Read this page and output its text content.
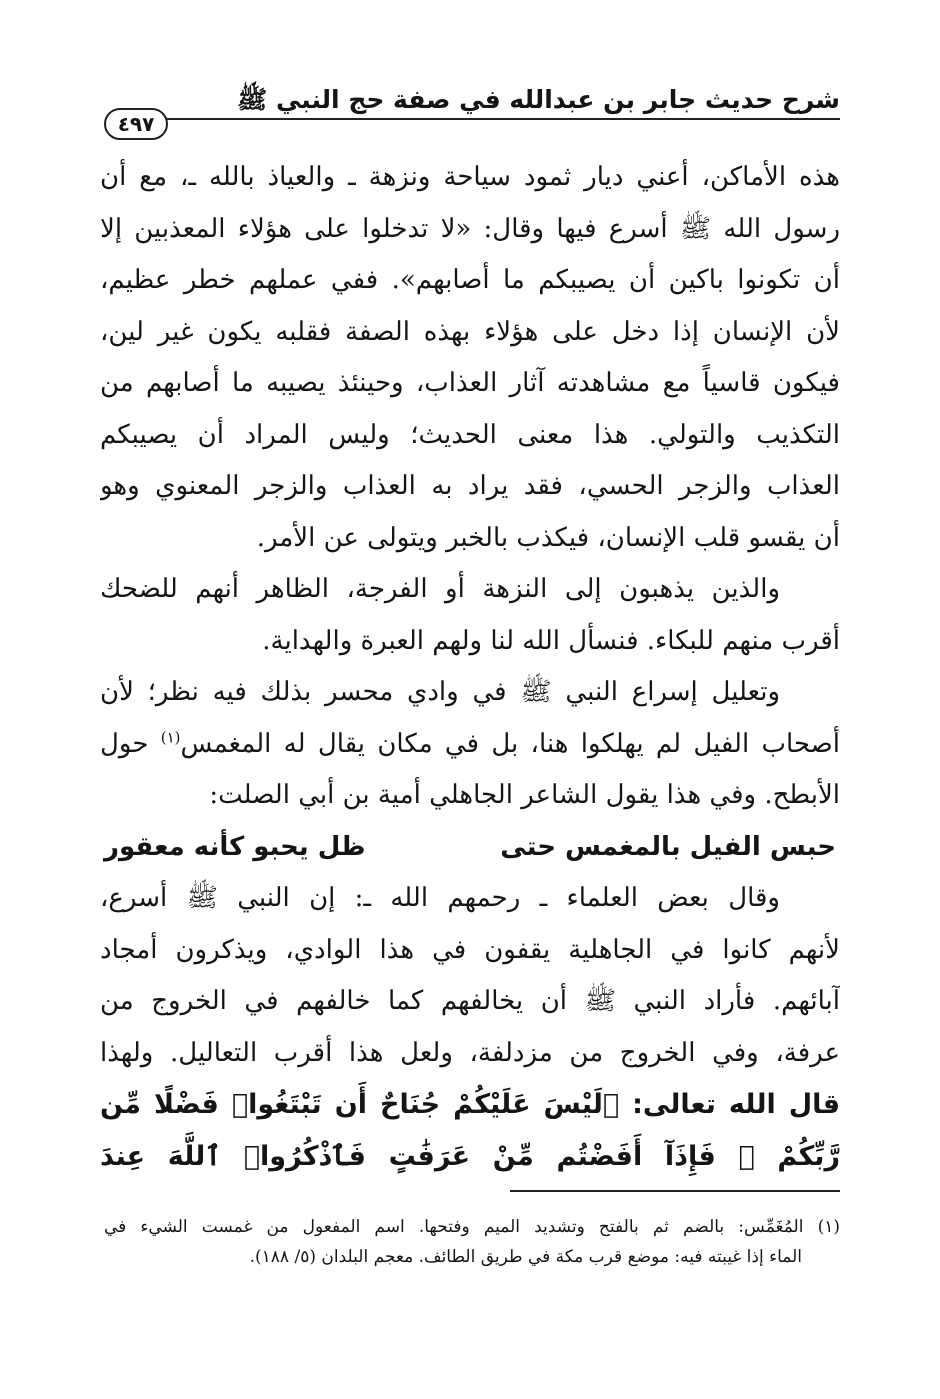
شرح حديث جابر بن عبدالله في صفة حج النبي ﷺ
٤٩٧
هذه الأماكن، أعني ديار ثمود سياحة ونزهة ـ والعياذ بالله ـ، مع أن
رسول الله ﷺ أسرع فيها وقال: «لا تدخلوا على هؤلاء المعذبين إلا
أن تكونوا باكين أن يصيبكم ما أصابهم». ففي عملهم خطر عظيم،
لأن الإنسان إذا دخل على هؤلاء بهذه الصفة فقلبه يكون غير لين،
فيكون قاسياً مع مشاهدته آثار العذاب، وحينئذ يصيبه ما أصابهم من
التكذيب والتولي. هذا معنى الحديث؛ وليس المراد أن يصيبكم
العذاب والزجر الحسي، فقد يراد به العذاب والزجر المعنوي وهو
أن يقسو قلب الإنسان، فيكذب بالخبر ويتولى عن الأمر.
والذين يذهبون إلى النزهة أو الفرجة، الظاهر أنهم للضحك
أقرب منهم للبكاء. فنسأل الله لنا ولهم العبرة والهداية.
وتعليل إسراع النبي ﷺ في وادي محسر بذلك فيه نظر؛ لأن
أصحاب الفيل لم يهلكوا هنا، بل في مكان يقال له المغمس$^{(١)}$ حول
الأبطح. وفي هذا يقول الشاعر الجاهلي أمية بن أبي الصلت:
حبس الفيل بالمغمس حتى
ظل يحبو كأنه معقور
وقال بعض العلماء ـ رحمهم الله ـ: إن النبي ﷺ أسرع،
لأنهم كانوا في الجاهلية يقفون في هذا الوادي، ويذكرون أمجاد
آبائهم. فأراد النبي ﷺ أن يخالفهم كما خالفهم في الخروج من
عرفة، وفي الخروج من مزدلفة، ولعل هذا أقرب التعاليل. ولهذا
قال الله تعالى: ﴿لَيْسَ عَلَيْكُمْ جُنَاحٌ أَن تَبْتَغُوا۟ فَضْلًا مِّن
رَّبِّكُمْ ۚ فَإِذَآ أَفَضْتُم مِّنْ عَرَفَٰتٍ فَٱذْكُرُوا۟ ٱللَّهَ عِندَ
(١) المُغَمِّس: بالضم ثم بالفتح وتشديد الميم وفتحها. اسم المفعول من غمست الشيء في
الماء إذا غيبته فيه: موضع قرب مكة في طريق الطائف. معجم البلدان (٥/ ١٨٨).
